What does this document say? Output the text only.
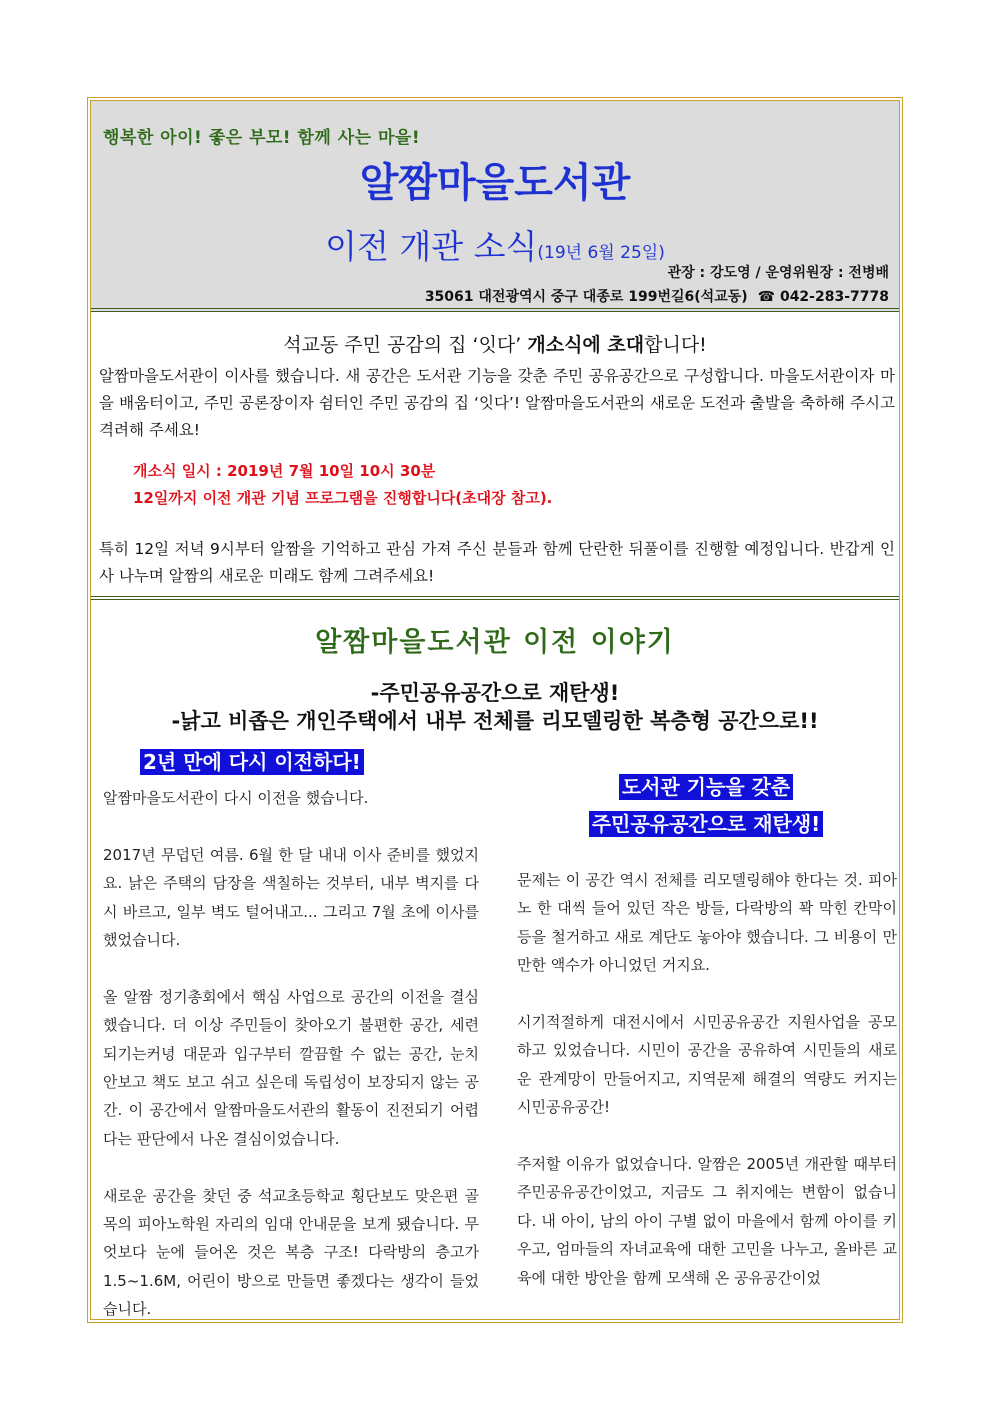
행복한 아이! 좋은 부모! 함께 사는 마을!
알짬마을도서관
이전 개관 소식(19년 6월 25일)
관장 : 강도영 / 운영위원장 : 전병배
35061 대전광역시 중구 대종로 199번길6(석교동) ☎ 042-283-7778
석교동 주민 공감의 집 ‘잇다’ 개소식에 초대합니다!
알짬마을도서관이 이사를 했습니다. 새 공간은 도서관 기능을 갖춘 주민 공유공간으로 구성합니다. 마을도서관이자 마을 배움터이고, 주민 공론장이자 쉼터인 주민 공감의 집 ‘잇다’! 알짬마을도서관의 새로운 도전과 출발을 축하해 주시고 격려해 주세요!
개소식 일시 : 2019년 7월 10일 10시 30분
12일까지 이전 개관 기념 프로그램을 진행합니다(초대장 참고).
특히 12일 저녁 9시부터 알짬을 기억하고 관심 가져 주신 분들과 함께 단란한 뒤풀이를 진행할 예정입니다. 반갑게 인사 나누며 알짬의 새로운 미래도 함께 그려주세요!
알짬마을도서관 이전 이야기
-주민공유공간으로 재탄생!
-낡고 비좁은 개인주택에서 내부 전체를 리모델링한 복층형 공간으로!!
2년 만에 다시 이전하다!
도서관 기능을 갖춘
주민공유공간으로 재탄생!

알짬마을도서관이 다시 이전을 했습니다.

2017년 무덥던 여름. 6월 한 달 내내 이사 준비를 했었지요. 낡은 주택의 담장을 색칠하는 것부터, 내부 벽지를 다시 바르고, 일부 벽도 털어내고... 그리고 7월 초에 이사를 했었습니다.

올 알짬 정기총회에서 핵심 사업으로 공간의 이전을 결심했습니다. 더 이상 주민들이 찾아오기 불편한 공간, 세련되기는커녕 대문과 입구부터 깔끔할 수 없는 공간, 눈치 안보고 책도 보고 쉬고 싶은데 독립성이 보장되지 않는 공간. 이 공간에서 알짬마을도서관의 활동이 진전되기 어렵다는 판단에서 나온 결심이었습니다.

새로운 공간을 찾던 중 석교초등학교 횡단보도 맞은편 골목의 피아노학원 자리의 임대 안내문을 보게 됐습니다. 무엇보다 눈에 들어온 것은 복층 구조! 다락방의 층고가 1.5~1.6M, 어린이 방으로 만들면 좋겠다는 생각이 들었습니다.

문제는 이 공간 역시 전체를 리모델링해야 한다는 것. 피아노 한 대씩 들어 있던 작은 방들, 다락방의 꽉 막힌 칸막이 등을 철거하고 새로 계단도 놓아야 했습니다. 그 비용이 만만한 액수가 아니었던 거지요.

시기적절하게 대전시에서 시민공유공간 지원사업을 공모하고 있었습니다. 시민이 공간을 공유하여 시민들의 새로운 관계망이 만들어지고, 지역문제 해결의 역량도 커지는 시민공유공간!

주저할 이유가 없었습니다. 알짬은 2005년 개관할 때부터 주민공유공간이었고, 지금도 그 취지에는 변함이 없습니다. 내 아이, 남의 아이 구별 없이 마을에서 함께 아이를 키우고, 엄마들의 자녀교육에 대한 고민을 나누고, 올바른 교육에 대한 방안을 함께 모색해 온 공유공간이었
